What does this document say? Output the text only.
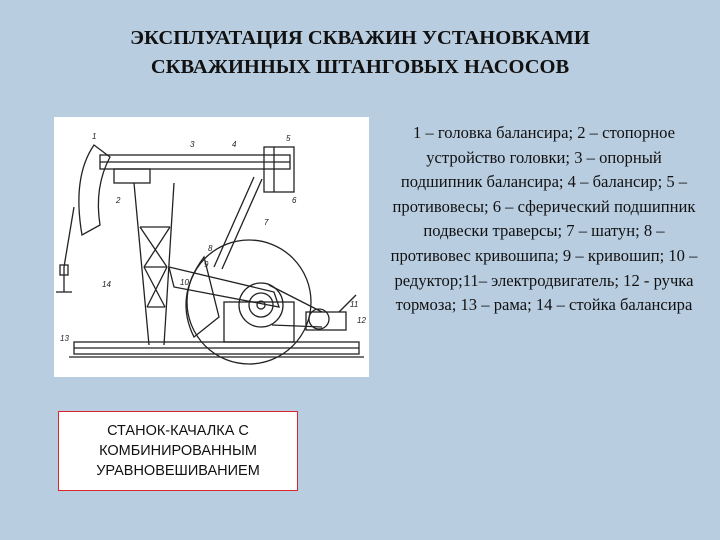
ЭКСПЛУАТАЦИЯ СКВАЖИН УСТАНОВКАМИ
СКВАЖИННЫХ ШТАНГОВЫХ НАСОСОВ
1
2
3	4
5
6
7
8
9
10
11
12
13
14
1 – головка балансира; 2 – стопорное устройство головки; 3 – опорный подшипник балансира; 4 – балансир; 5 – противовесы; 6 – сферический подшипник подвески траверсы; 7 – шатун; 8 – противовес кривошипа; 9 – кривошип; 10 – редуктор;11– электродвигатель; 12 - ручка тормоза; 13 – рама; 14 – стойка балансира
СТАНОК-КАЧАЛКА С
КОМБИНИРОВАННЫМ
УРАВНОВЕШИВАНИЕМ
